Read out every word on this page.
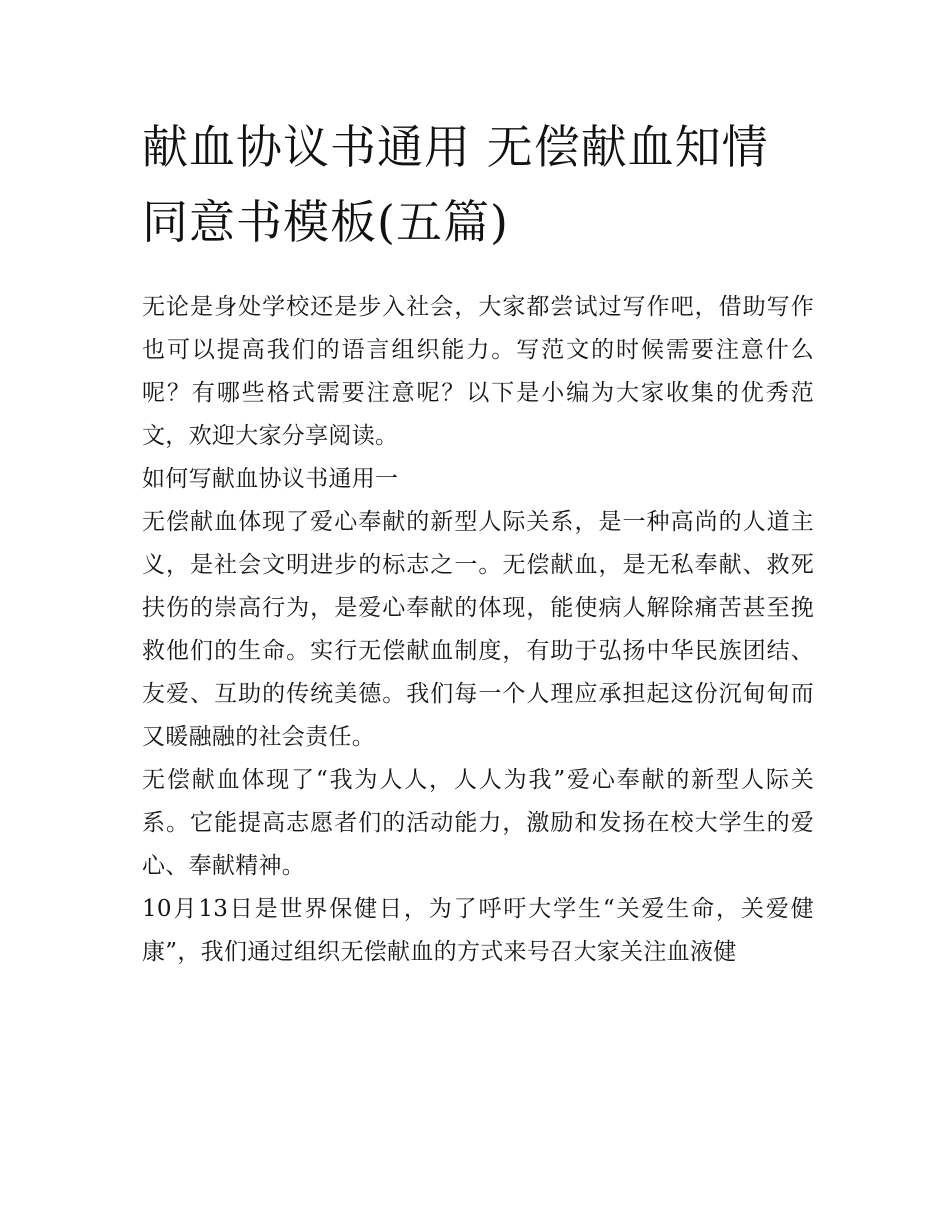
献血协议书通用 无偿献血知情同意书模板(五篇)

无论是身处学校还是步入社会，大家都尝试过写作吧，借助写作也可以提高我们的语言组织能力。写范文的时候需要注意什么呢？有哪些格式需要注意呢？以下是小编为大家收集的优秀范文，欢迎大家分享阅读。

如何写献血协议书通用一

无偿献血体现了爱心奉献的新型人际关系，是一种高尚的人道主义，是社会文明进步的标志之一。无偿献血，是无私奉献、救死扶伤的崇高行为，是爱心奉献的体现，能使病人解除痛苦甚至挽救他们的生命。实行无偿献血制度，有助于弘扬中华民族团结、友爱、互助的传统美德。我们每一个人理应承担起这份沉甸甸而又暖融融的社会责任。

无偿献血体现了“我为人人，人人为我”爱心奉献的新型人际关系。它能提高志愿者们的活动能力，激励和发扬在校大学生的爱心、奉献精神。

10月13日是世界保健日，为了呼吁大学生“关爱生命，关爱健康”，我们通过组织无偿献血的方式来号召大家关注血液健
